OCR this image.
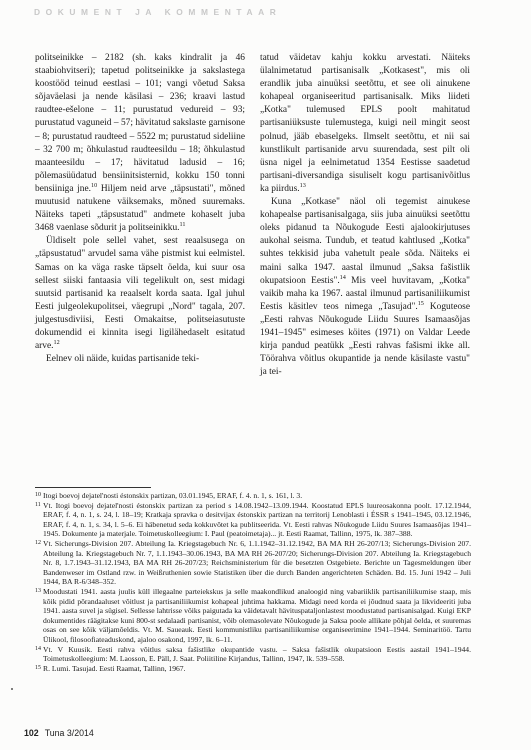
DOKUMENT JA KOMMENTAAR

politseinikke – 2182 (sh. kaks kindralit ja 46 staabiohvitseri); tapetud politseinikke ja sakslastega koostööd teinud eestlasi – 101; vangi võetud Saksa sõjaväelasi ja nende käsilasi – 236; kraavi lastud raudtee-ešelone – 11; purustatud vedureid – 93; purustatud vaguneid – 57; hävitatud sakslaste garnisone – 8; purustatud raudteed – 5522 m; purustatud sideliine – 32 700 m; õhkulastud raudteesildu – 18; õhkulastud maanteesildu – 17; hävitatud ladusid – 16; põlemasüüdatud bensiinitsisternid, kokku 150 tonni bensiiniga jne.$^{10}$ Hiljem neid arve „täpsustati", mõned muutusid natukene väiksemaks, mõned suuremaks. Näiteks tapeti „täpsustatud" andmete kohaselt juba 3468 vaenlase sõdurit ja politseinikku.$^{11}$

Üldiselt pole sellel vahet, sest reaalsusega on „täpsustatud" arvudel sama vähe pistmist kui eelmistel. Samas on ka väga raske täpselt öelda, kui suur osa sellest siiski fantaasia vili tegelikult on, sest midagi suutsid partisanid ka reaalselt korda saata. Igal juhul Eesti julgeolekupolitsei, väegrupi „Nord" tagala, 207. julgestusdiviisi, Eesti Omakaitse, politseiasutuste dokumendid ei kinnita isegi ligilähedaselt esitatud arve.$^{12}$

Eelnev oli näide, kuidas partisanide teki-

tatud väidetav kahju kokku arvestati. Näiteks ülalnimetatud partisanisalk „Kotkasest", mis oli erandlik juba ainuüksi seetõttu, et see oli ainukene kohapeal organiseeritud partisanisalk. Miks liideti „Kotka" tulemused EPLS poolt mahitatud partisaniüksuste tulemustega, kuigi neil mingit seost polnud, jääb ebaselgeks. Ilmselt seetõttu, et nii sai kunstlikult partisanide arvu suurendada, sest pilt oli üsna nigel ja eelnimetatud 1354 Eestisse saadetud partisani-diversandiga sisuliselt kogu partisanivõitlus ka piirdus.$^{13}$

Kuna „Kotkase" näol oli tegemist ainukese kohapealse partisanisalgaga, siis juba ainuüksi seetõttu oleks pidanud ta Nõukogude Eesti ajalookirjutuses aukohal seisma. Tundub, et teatud kahtlused „Kotka" suhtes tekkisid juba vahetult peale sõda. Näiteks ei maini salka 1947. aastal ilmunud „Saksa fašistlik okupatsioon Eestis".$^{14}$ Mis veel huvitavam, „Kotka" vaikib maha ka 1967. aastal ilmunud partisaniliikumist Eestis käsitlev teos nimega „Tasujad".$^{15}$ Koguteose „Eesti rahvas Nõukogude Liidu Suures Isamaasõjas 1941–1945" esimeses köites (1971) on Valdar Leede kirja pandud peatükk „Eesti rahvas fašismi ikke all. Töörahva võitlus okupantide ja nende käsilaste vastu" ja tei-

10 Itogi boevoj dejatel'nosti éstonskix partizan, 03.01.1945, ERAF, f. 4. n. 1, s. 161, l. 3.

11 Vt. Itogi boevoj dejatel'nosti éstonskix partizan za period s 14.08.1942–13.09.1944. Koostatud EPLS luureosakonna poolt. 17.12.1944, ERAF, f. 4, n. 1, s. 24, l. 18–19; Kratkaja spravka o desitvijax éstonskix partizan na territorij Lenoblasti i ÉSSR s 1941–1945, 03.12.1946, ERAF, f. 4, n. 1, s. 34, l. 5–6. Ei häbenetud seda kokkuvõtet ka publitseerida. Vt. Eesti rahvas Nõukogude Liidu Suures Isamaasõjas 1941–1945. Dokumente ja materjale. Toimetuskolleegium: I. Paul (peatoimetaja)... jt. Eesti Raamat, Tallinn, 1975, lk. 387–388.

12 Vt. Sicherungs-Division 207. Abteilung Ia. Kriegstagebuch Nr. 6, 1.1.1942–31.12.1942, BA MA RH 26-207/13; Sicherungs-Division 207. Abteilung Ia. Kriegstagebuch Nr. 7, 1.1.1943–30.06.1943, BA MA RH 26-207/20; Sicherungs-Division 207. Abteilung Ia. Kriegstagebuch Nr. 8, 1.7.1943–31.12.1943, BA MA RH 26-207/23; Reichsministerium für die besetzten Ostgebiete. Berichte un Tagesmeldungen über Bandenweser im Ostland rzw. in Weißruthenien sowie Statistiken über die durch Banden angerichteten Schäden. Bd. 15. Juni 1942 – Juli 1944, BA R-6/348–352.

13 Moodustati 1941. aasta juulis küll illegaalne parteiekskus ja selle maakondlikud analoogid ning vabariiklik partisaniliikumise staap, mis kõik pidid põrandaaluset võitlust ja partisaniliikumist kohapeal juhtima hakkama. Midagi need korda ei jõudnud saata ja likvideeriti juba 1941. aasta suvel ja sügisel. Sellesse lahtrisse võiks paigutada ka väidetavalt hävituspataljonlastest moodustatud partisanisalgad. Kuigi EKP dokumentides räägitakse kuni 800-st sedalaadi partisanist, võib olemasolevate Nõukogude ja Saksa poole allikate põhjal öelda, et suuremas osas on see kõik väljamõeldis. Vt. M. Saueauk. Eesti kommunistliku partisaniliikumise organiseerimine 1941–1944. Seminaritöö. Tartu Ülikool, filosoofiateaduskond, ajaloo osakond, 1997, lk. 6–11.

14 Vt. V Kuusik. Eesti rahva võitlus saksa fašistlike okupantide vastu. – Saksa fašistlik okupatsioon Eestis aastail 1941–1944. Toimetuskolleegium: M. Laosson, E. Päll, J. Saat. Poliitiline Kirjandus, Tallinn, 1947, lk. 539–558.

15 R. Lumi. Tasujad. Eesti Raamat, Tallinn, 1967.

102 Tuna 3/2014
